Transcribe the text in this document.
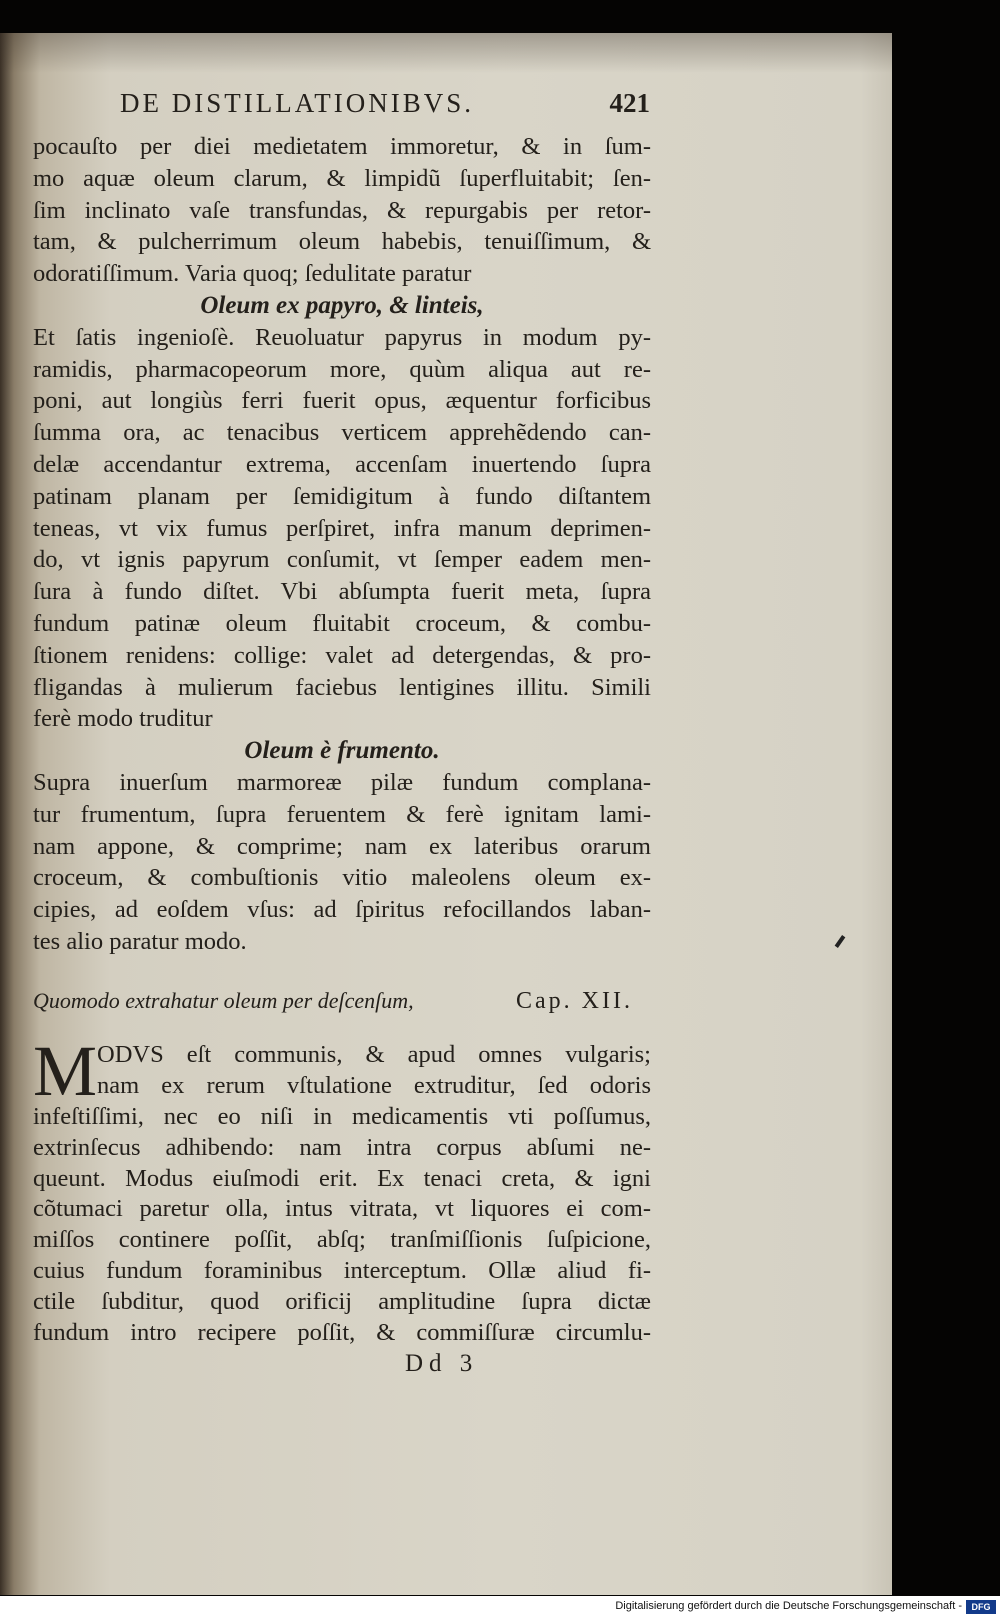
DE DISTILLATIONIBVS.	421
pocauſto per diei medietatem immoretur, & in ſum-
mo aquæ oleum clarum, & limpidũ ſuperfluitabit; ſen-
ſim inclinato vaſe transfundas, & repurgabis per retor-
tam, & pulcherrimum oleum habebis, tenuiſſimum, &
odoratiſſimum. Varia quoq; ſedulitate paratur
Oleum ex papyro, & linteis,
Et ſatis ingenioſè. Reuoluatur papyrus in modum py-
ramidis, pharmacopeorum more, quùm aliqua aut re-
poni, aut longiùs ferri fuerit opus, æquentur forficibus
ſumma ora, ac tenacibus verticem apprehẽdendo can-
delæ accendantur extrema, accenſam inuertendo ſupra
patinam planam per ſemidigitum à fundo diſtantem
teneas, vt vix fumus perſpiret, infra manum deprimen-
do, vt ignis papyrum conſumit, vt ſemper eadem men-
ſura à fundo diſtet. Vbi abſumpta fuerit meta, ſupra
fundum patinæ oleum fluitabit croceum, & combu-
ſtionem renidens: collige: valet ad detergendas, & pro-
fligandas à mulierum faciebus lentigines illitu. Simili
ferè modo truditur
Oleum è frumento.
Supra inuerſum marmoreæ pilæ fundum complana-
tur frumentum, ſupra feruentem & ferè ignitam lami-
nam appone, & comprime; nam ex lateribus orarum
croceum, & combuſtionis vitio maleolens oleum ex-
cipies, ad eoſdem vſus: ad ſpiritus refocillandos laban-
tes alio paratur modo.
Quomodo extrahatur oleum per deſcenſum,	Cap. XII.
M ODVS eſt communis, & apud omnes vulgaris;
nam ex rerum vſtulatione extruditur, ſed odoris
infeſtiſſimi, nec eo niſi in medicamentis vti poſſumus,
extrinſecus adhibendo: nam intra corpus abſumi ne-
queunt. Modus eiuſmodi erit. Ex tenaci creta, & igni
cõtumaci paretur olla, intus vitrata, vt liquores ei com-
miſſos continere poſſit, abſq; tranſmiſſionis ſuſpicione,
cuius fundum foraminibus interceptum. Ollæ aliud fi-
ctile ſubditur, quod orificij amplitudine ſupra dictæ
fundum intro recipere poſſit, & commiſſuræ circumlu-
Dd 3
Digitalisierung gefördert durch die Deutsche Forschungsgemeinschaft -	DFG
